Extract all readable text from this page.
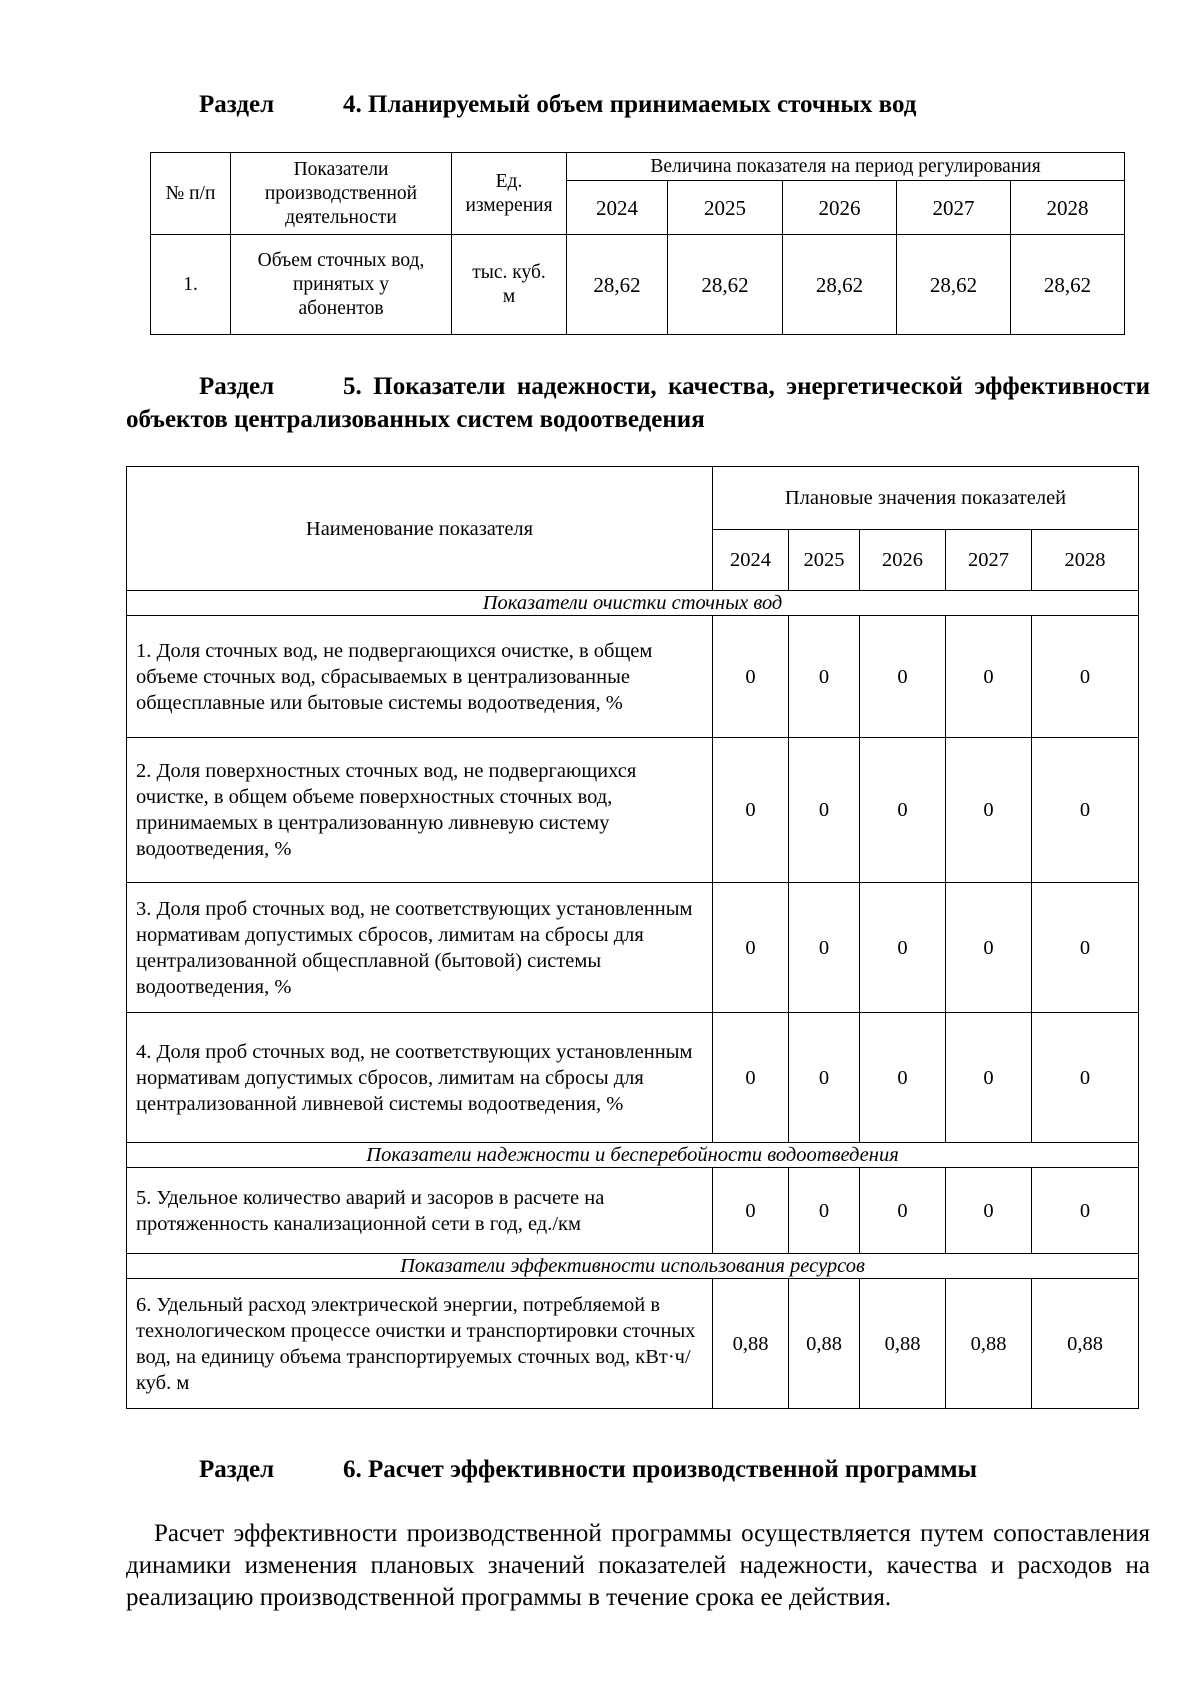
Раздел	4. Планируемый объем принимаемых сточных вод
№ п/п	Показатели производственной деятельности	Ед. измерения	Величина показателя на период регулирования				
			2024	2025	2026	2027	2028
1.	Объем сточных вод, принятых у абонентов	тыс. куб. м	28,62	28,62	28,62	28,62	28,62
Раздел	5. Показатели надежности, качества, энергетической эффективности объектов централизованных систем водоотведения
Наименование показателя	Плановые значения показателей				
	2024	2025	2026	2027	2028
Показатели очистки сточных вод					
1. Доля сточных вод, не подвергающихся очистке, в общем объеме сточных вод, сбрасываемых в централизованные общесплавные или бытовые системы водоотведения, %	0	0	0	0	0
2. Доля поверхностных сточных вод, не подвергающихся очистке, в общем объеме поверхностных сточных вод, принимаемых в централизованную ливневую систему водоотведения, %	0	0	0	0	0
3. Доля проб сточных вод, не соответствующих установленным нормативам допустимых сбросов, лимитам на сбросы для централизованной общесплавной (бытовой) системы водоотведения, %	0	0	0	0	0
4. Доля проб сточных вод, не соответствующих установленным нормативам допустимых сбросов, лимитам на сбросы для централизованной ливневой системы водоотведения, %	0	0	0	0	0
Показатели надежности и бесперебойности водоотведения					
5. Удельное количество аварий и засоров в расчете на протяженность канализационной сети в год, ед./км	0	0	0	0	0
Показатели эффективности использования ресурсов					
6. Удельный расход электрической энергии, потребляемой в технологическом процессе очистки и транспортировки сточных вод, на единицу объема транспортируемых сточных вод, кВт·ч/куб. м	0,88	0,88	0,88	0,88	0,88
Раздел	6. Расчет эффективности производственной программы
Расчет эффективности производственной программы осуществляется путем сопоставления динамики изменения плановых значений показателей надежности, качества и расходов на реализацию производственной программы в течение срока ее действия.
